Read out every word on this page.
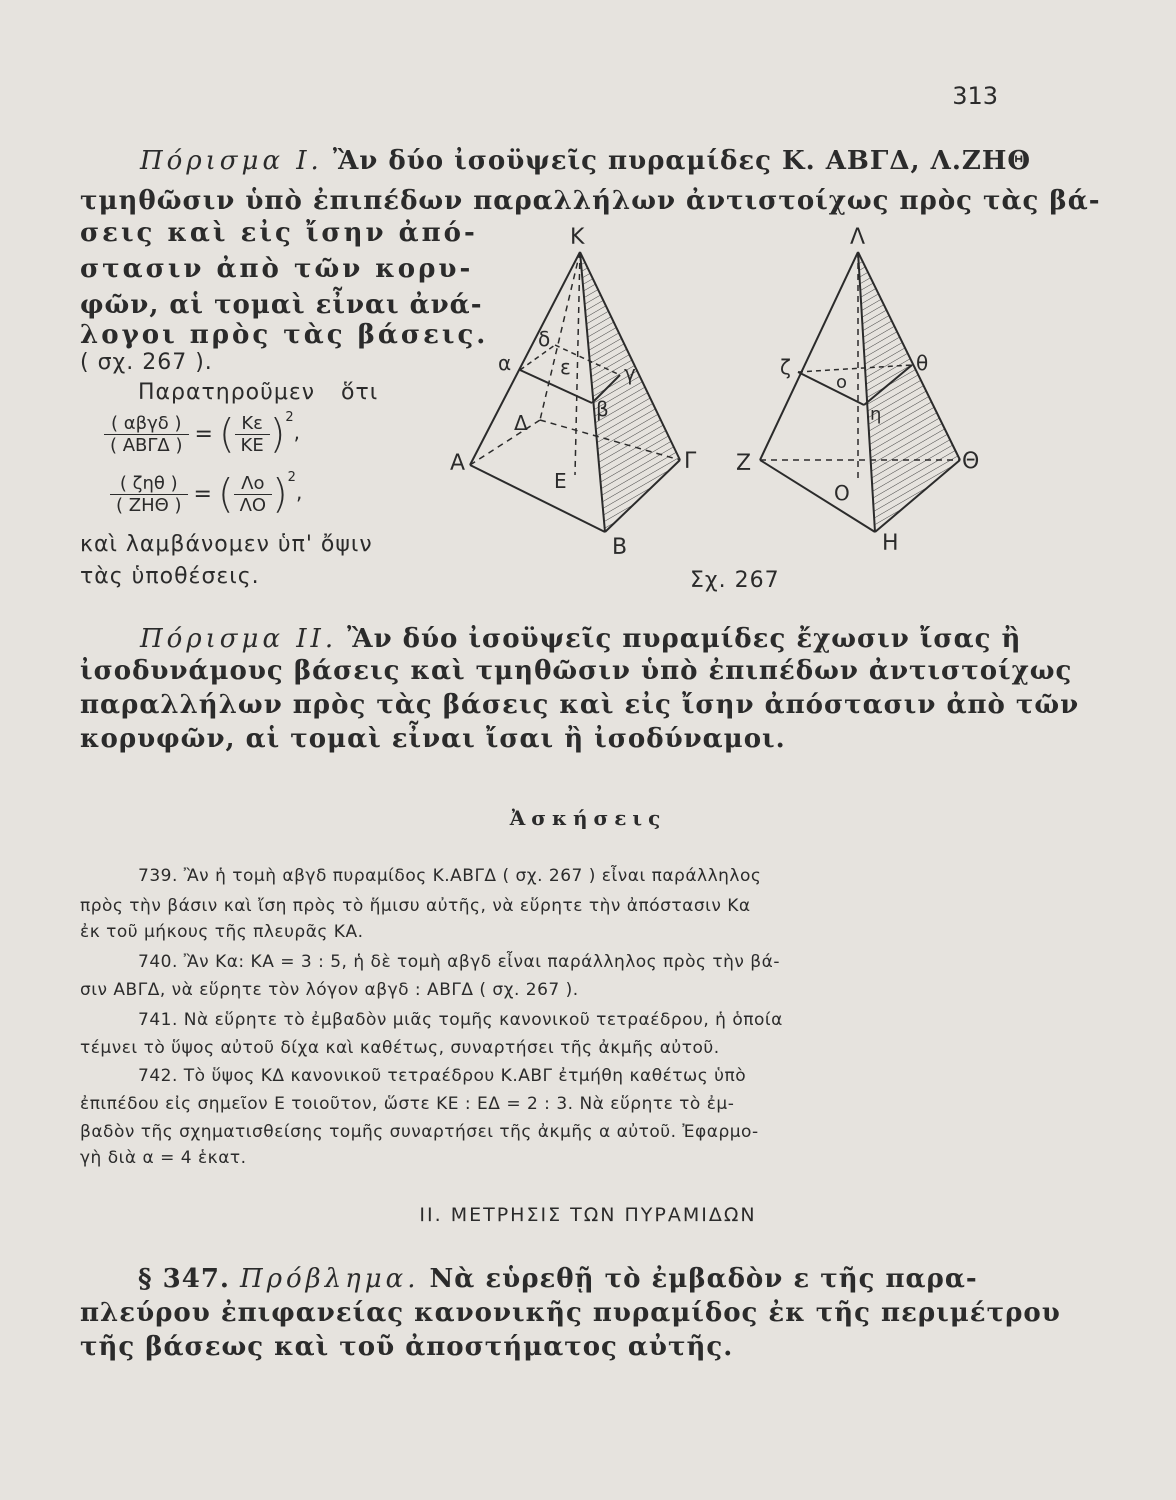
313
Πόρισμα Ι. Ἂν δύο ἰσοϋψεῖς πυραμίδες Κ. ΑΒΓΔ, Λ.ΖΗΘ
τμηθῶσιν ὑπὸ ἐπιπέδων παραλλήλων ἀντιστοίχως πρὸς τὰς βά-
σεις καὶ εἰς ἴσην ἀπό-
στασιν ἀπὸ τῶν κορυ-
φῶν, αἱ τομαὶ εἶναι ἀνά-
λογοι πρὸς τὰς βάσεις.
( σχ. 267 ).
Παρατηροῦμεν ὅτι
$\frac{\text{( αβγδ )}}{\text{( ΑΒΓΔ )}}$ = ( $\frac{K\varepsilon}{KE} )^2$,
$\frac{\text{( ζηθ )}}{\text{( ΖΗΘ )}}$ = ( $\frac{\Lambda o}{\Lambda O} )^2$,
καὶ λαμβάνομεν ὑπ' ὄψιν
τὰς ὑποθέσεις.
Κ
α
δ
ε	γ
β
Δ
Α
Ε
Γ
Β
Λ
ζ
ο
θ
η
Ζ
Ο
Θ
Η
Σχ. 267
Πόρισμα ΙΙ. Ἂν δύο ἰσοϋψεῖς πυραμίδες ἔχωσιν ἴσας ἢ
ἰσοδυνάμους βάσεις καὶ τμηθῶσιν ὑπὸ ἐπιπέδων ἀντιστοίχως
παραλλήλων πρὸς τὰς βάσεις καὶ εἰς ἴσην ἀπόστασιν ἀπὸ τῶν
κορυφῶν, αἱ τομαὶ εἶναι ἴσαι ἢ ἰσοδύναμοι.
Ἀσκήσεις
739. Ἂν ἡ τομὴ αβγδ πυραμίδος Κ.ΑΒΓΔ ( σχ. 267 ) εἶναι παράλληλος
πρὸς τὴν βάσιν καὶ ἴση πρὸς τὸ ἥμισυ αὐτῆς, νὰ εὕρητε τὴν ἀπόστασιν Κα
ἐκ τοῦ μήκους τῆς πλευρᾶς ΚΑ.
740. Ἂν Κα: ΚΑ = 3 : 5, ἡ δὲ τομὴ αβγδ εἶναι παράλληλος πρὸς τὴν βά-
σιν ΑΒΓΔ, νὰ εὕρητε τὸν λόγον αβγδ : ΑΒΓΔ ( σχ. 267 ).
741. Νὰ εὕρητε τὸ ἐμβαδὸν μιᾶς τομῆς κανονικοῦ τετραέδρου, ἡ ὁποία
τέμνει τὸ ὕψος αὐτοῦ δίχα καὶ καθέτως, συναρτήσει τῆς ἀκμῆς αὐτοῦ.
742. Τὸ ὕψος ΚΔ κανονικοῦ τετραέδρου Κ.ΑΒΓ ἐτμήθη καθέτως ὑπὸ
ἐπιπέδου εἰς σημεῖον Ε τοιοῦτον, ὥστε ΚΕ : ΕΔ = 2 : 3. Νὰ εὕρητε τὸ ἐμ-
βαδὸν τῆς σχηματισθείσης τομῆς συναρτήσει τῆς ἀκμῆς α αὐτοῦ. Ἐφαρμο-
γὴ διὰ α = 4 ἑκατ.
ΙΙ. ΜΕΤΡΗΣΙΣ ΤΩΝ ΠΥΡΑΜΙΔΩΝ
§ 347. Πρόβλημα. Νὰ εὑρεθῇ τὸ ἐμβαδὸν ε τῆς παρα-
πλεύρου ἐπιφανείας κανονικῆς πυραμίδος ἐκ τῆς περιμέτρου
τῆς βάσεως καὶ τοῦ ἀποστήματος αὐτῆς.
